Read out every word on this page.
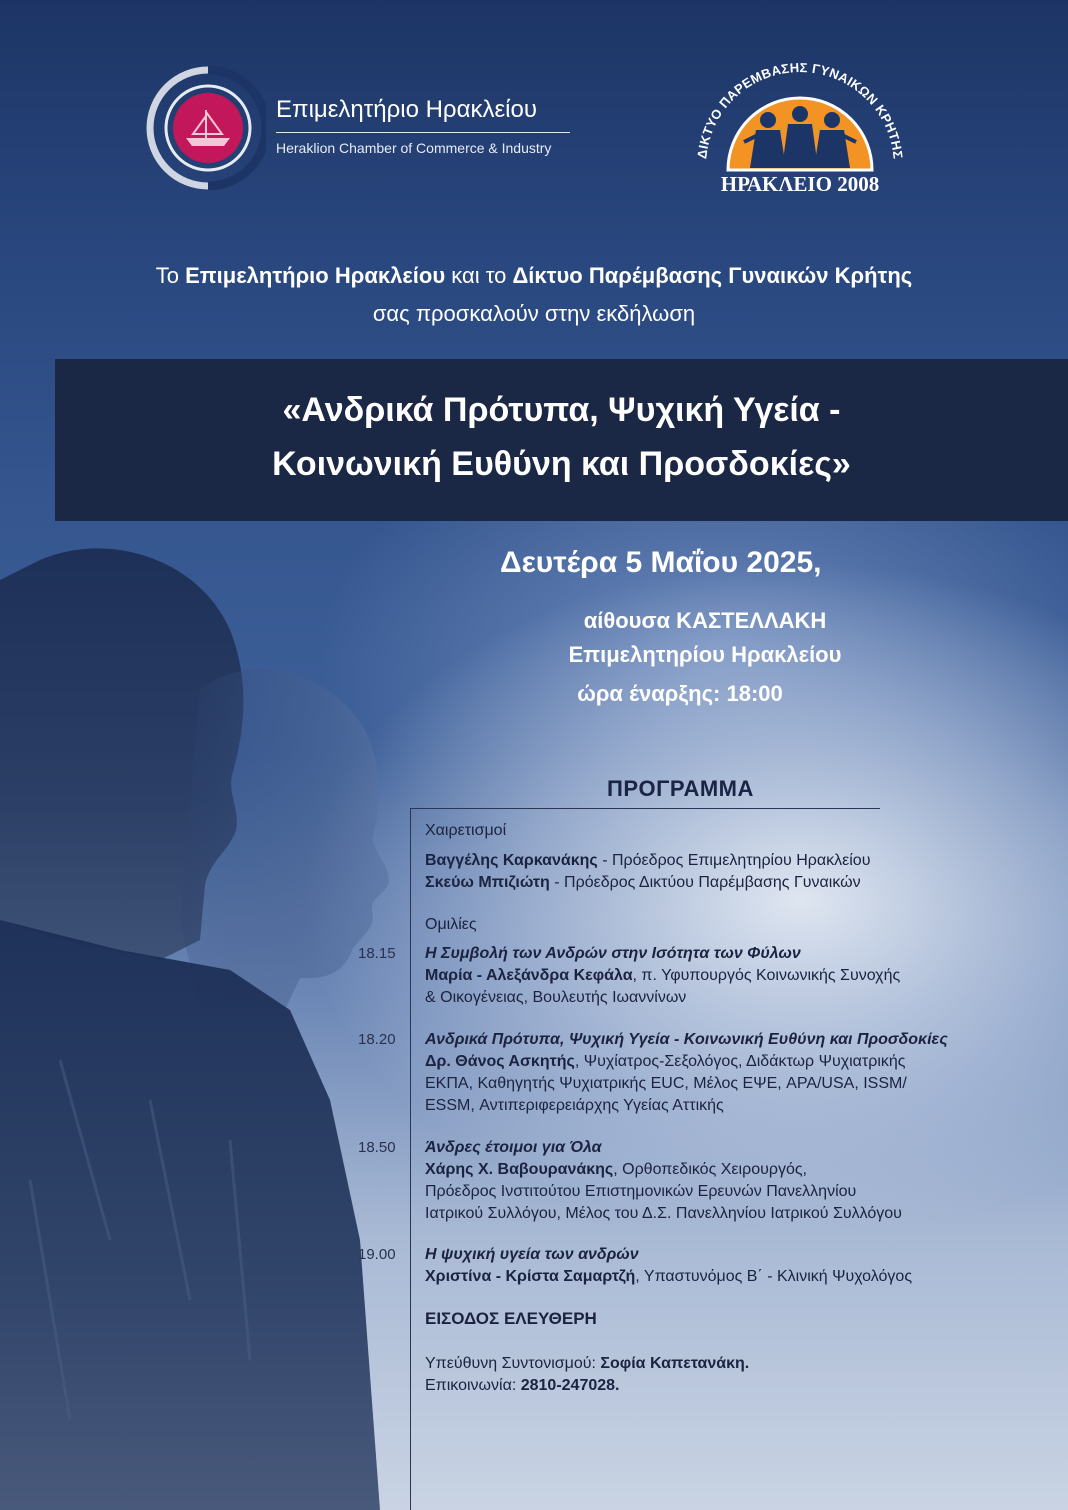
Επιμελητήριο Ηρακλείου
Heraklion Chamber of Commerce & Industry	ΔΙΚΤΥΟ ΠΑΡΕΜΒΑΣΗΣ ΓΥΝΑΙΚΩΝ ΚΡΗΤΗΣ
ΗΡΑΚΛΕΙΟ 2008
Το Επιμελητήριο Ηρακλείου και το Δίκτυο Παρέμβασης Γυναικών Κρήτης
σας προσκαλούν στην εκδήλωση
«Ανδρικά Πρότυπα, Ψυχική Υγεία -
Κοινωνική Ευθύνη και Προσδοκίες»
Δευτέρα 5 Μαΐου 2025,
αίθουσα ΚΑΣΤΕΛΛΑΚΗ
Επιμελητηρίου Ηρακλείου
ώρα έναρξης: 18:00
ΠΡΟΓΡΑΜΜΑ
Χαιρετισμοί
Βαγγέλης Καρκανάκης - Πρόεδρος Επιμελητηρίου Ηρακλείου
Σκεύω Μπιζιώτη - Πρόεδρος Δικτύου Παρέμβασης Γυναικών
Ομιλίες
18.15 Η Συμβολή των Ανδρών στην Ισότητα των Φύλων
Μαρία - Αλεξάνδρα Κεφάλα, π. Υφυπουργός Κοινωνικής Συνοχής
& Οικογένειας, Βουλευτής Ιωαννίνων
18.20 Ανδρικά Πρότυπα, Ψυχική Υγεία - Κοινωνική Ευθύνη και Προσδοκίες
Δρ. Θάνος Ασκητής, Ψυχίατρος-Σεξολόγος, Διδάκτωρ Ψυχιατρικής
ΕΚΠΑ, Καθηγητής Ψυχιατρικής EUC, Μέλος ΕΨΕ, APA/USA, ISSM/
ESSM, Αντιπεριφερειάρχης Υγείας Αττικής
18.50 Άνδρες έτοιμοι για Όλα
Χάρης Χ. Βαβουρανάκης, Ορθοπεδικός Χειρουργός,
Πρόεδρος Ινστιτούτου Επιστημονικών Ερευνών Πανελληνίου
Ιατρικού Συλλόγου, Μέλος του Δ.Σ. Πανελληνίου Ιατρικού Συλλόγου
19.00 Η ψυχική υγεία των ανδρών
Χριστίνα - Κρίστα Σαμαρτζή, Υπαστυνόμος Β΄ - Κλινική Ψυχολόγος
ΕΙΣΟΔΟΣ ΕΛΕΥΘΕΡΗ
Υπεύθυνη Συντονισμού: Σοφία Καπετανάκη.
Επικοινωνία: 2810-247028.
